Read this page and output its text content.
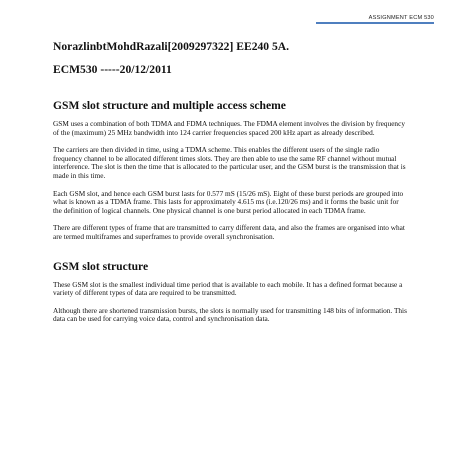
ASSIGNMENT ECM 530

NorazlinbtMohdRazali[2009297322] EE240 5A.

ECM530 -----20/12/2011

GSM slot structure and multiple access scheme

GSM uses a combination of both TDMA and FDMA techniques. The FDMA element involves the division by frequency of the (maximum) 25 MHz bandwidth into 124 carrier frequencies spaced 200 kHz apart as already described.

The carriers are then divided in time, using a TDMA scheme. This enables the different users of the single radio frequency channel to be allocated different times slots. They are then able to use the same RF channel without mutual interference. The slot is then the time that is allocated to the particular user, and the GSM burst is the transmission that is made in this time.

Each GSM slot, and hence each GSM burst lasts for 0.577 mS (15/26 mS). Eight of these burst periods are grouped into what is known as a TDMA frame. This lasts for approximately 4.615 ms (i.e.120/26 ms) and it forms the basic unit for the definition of logical channels. One physical channel is one burst period allocated in each TDMA frame.

There are different types of frame that are transmitted to carry different data, and also the frames are organised into what are termed multiframes and superframes to provide overall synchronisation.

GSM slot structure

These GSM slot is the smallest individual time period that is available to each mobile. It has a defined format because a variety of different types of data are required to be transmitted.

Although there are shortened transmission bursts, the slots is normally used for transmitting 148 bits of information. This data can be used for carrying voice data, control and synchronisation data.
